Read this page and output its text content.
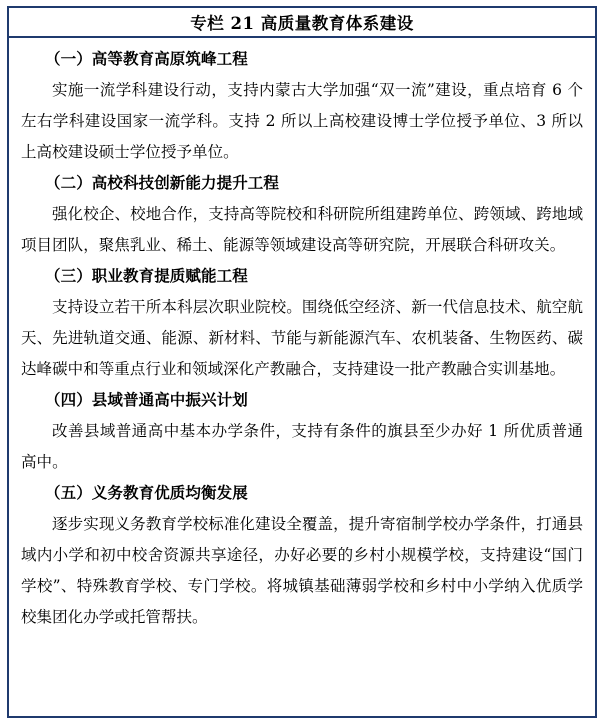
专栏 21 高质量教育体系建设

（一）高等教育高原筑峰工程

实施一流学科建设行动，支持内蒙古大学加强“双一流”建设，重点培育 6 个左右学科建设国家一流学科。支持 2 所以上高校建设博士学位授予单位、3 所以上高校建设硕士学位授予单位。

（二）高校科技创新能力提升工程

强化校企、校地合作，支持高等院校和科研院所组建跨单位、跨领域、跨地域项目团队，聚焦乳业、稀土、能源等领域建设高等研究院，开展联合科研攻关。

（三）职业教育提质赋能工程

支持设立若干所本科层次职业院校。围绕低空经济、新一代信息技术、航空航天、先进轨道交通、能源、新材料、节能与新能源汽车、农机装备、生物医药、碳达峰碳中和等重点行业和领域深化产教融合，支持建设一批产教融合实训基地。

（四）县域普通高中振兴计划

改善县域普通高中基本办学条件，支持有条件的旗县至少办好 1 所优质普通高中。

（五）义务教育优质均衡发展

逐步实现义务教育学校标准化建设全覆盖，提升寄宿制学校办学条件，打通县域内小学和初中校舍资源共享途径，办好必要的乡村小规模学校，支持建设“国门学校”、特殊教育学校、专门学校。将城镇基础薄弱学校和乡村中小学纳入优质学校集团化办学或托管帮扶。
